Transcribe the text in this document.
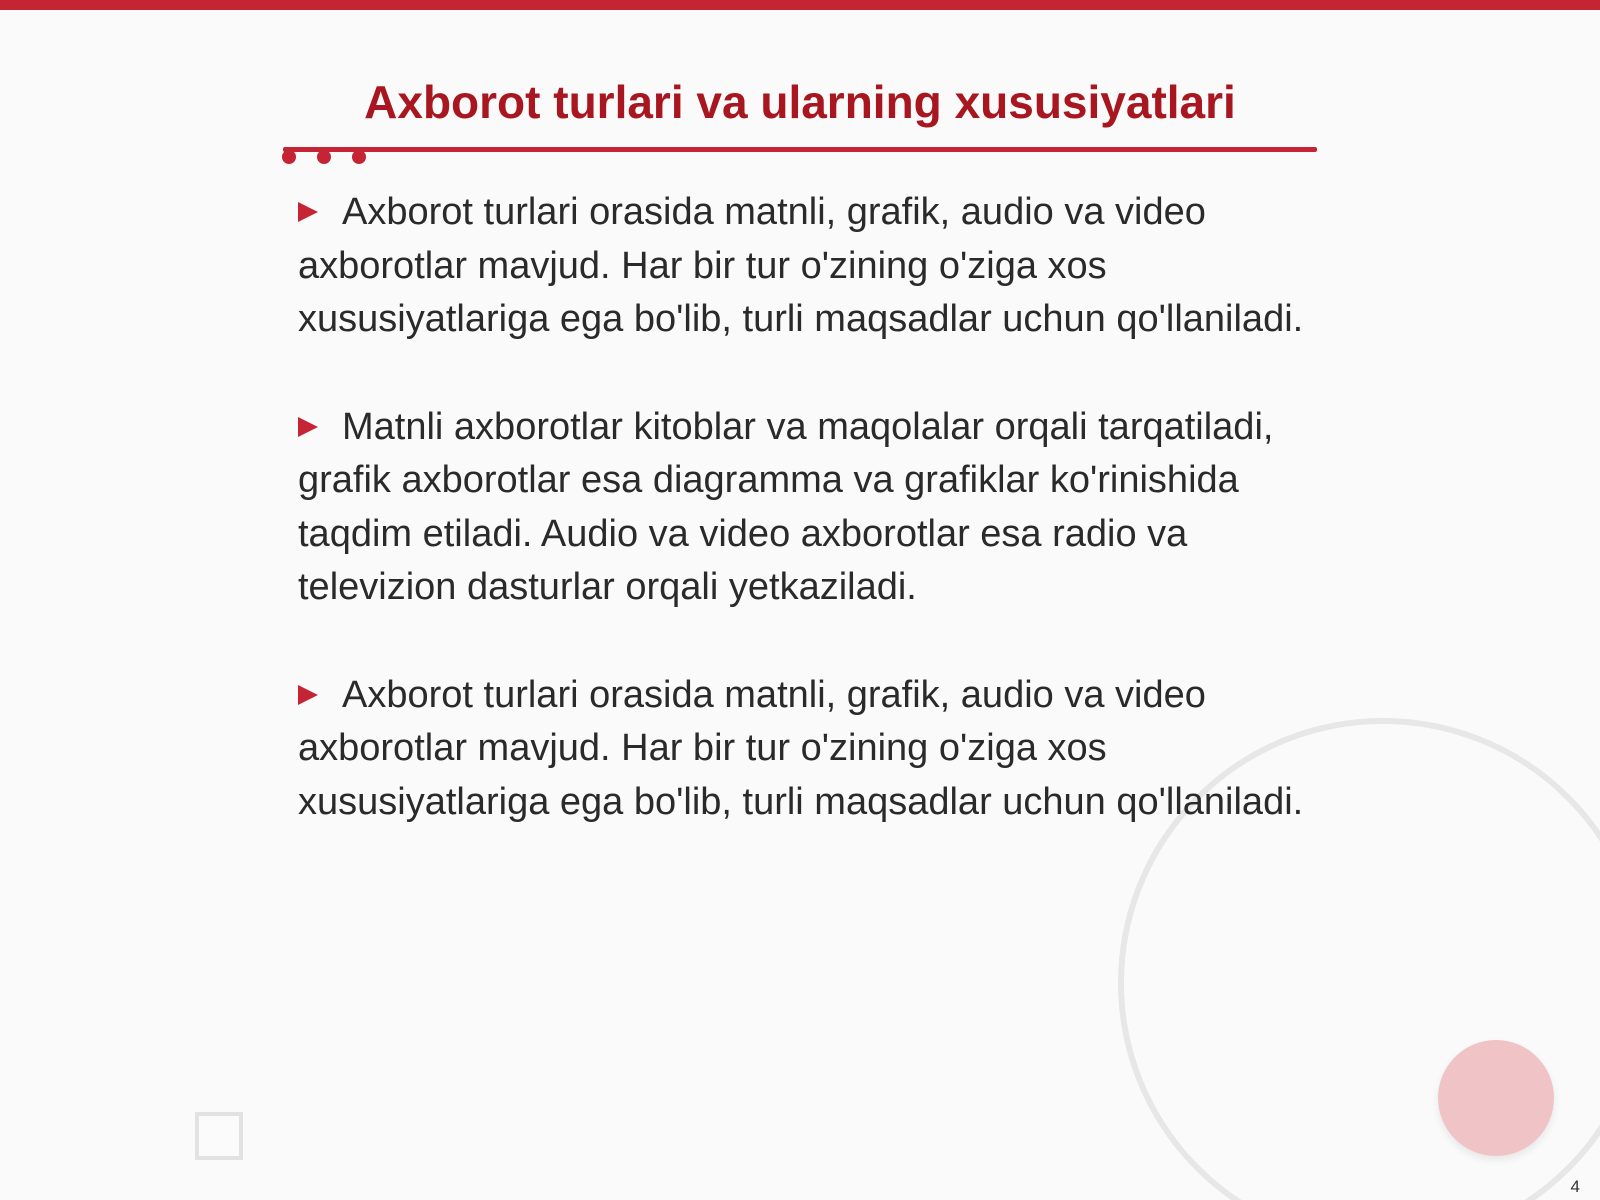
Axborot turlari va ularning xususiyatlari
Axborot turlari orasida matnli, grafik, audio va video axborotlar mavjud. Har bir tur o'zining o'ziga xos xususiyatlariga ega bo'lib, turli maqsadlar uchun qo'llaniladi.
Matnli axborotlar kitoblar va maqolalar orqali tarqatiladi, grafik axborotlar esa diagramma va grafiklar ko'rinishida taqdim etiladi. Audio va video axborotlar esa radio va televizion dasturlar orqali yetkaziladi.
Axborot turlari orasida matnli, grafik, audio va video axborotlar mavjud. Har bir tur o'zining o'ziga xos xususiyatlariga ega bo'lib, turli maqsadlar uchun qo'llaniladi.
4
